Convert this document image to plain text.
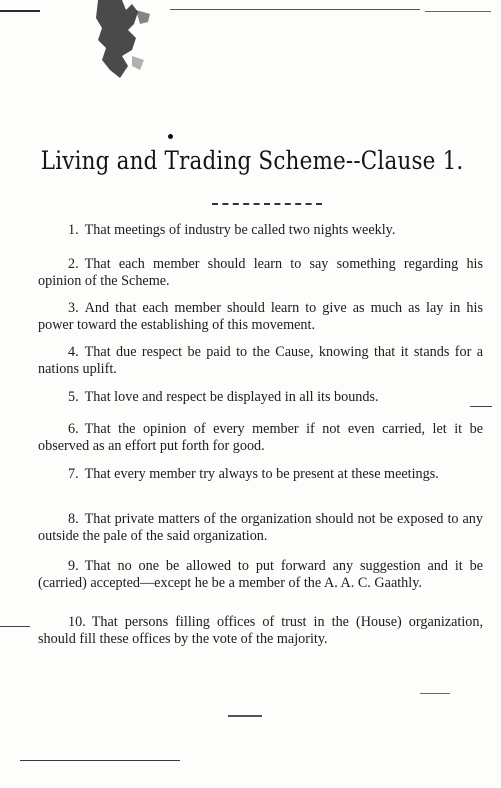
Living and Trading Scheme--Clause 1.
1. That meetings of industry be called two nights weekly.
2. That each member should learn to say something regarding his opinion of the Scheme.
3. And that each member should learn to give as much as lay in his power toward the establishing of this movement.
4. That due respect be paid to the Cause, knowing that it stands for a nations uplift.
5. That love and respect be displayed in all its bounds.
6. That the opinion of every member if not even carried, let it be observed as an effort put forth for good.
7. That every member try always to be present at these meetings.
8. That private matters of the organization should not be exposed to any outside the pale of the said organization.
9. That no one be allowed to put forward any suggestion and it be (carried) accepted—except he be a member of the A. A. C. Gaathly.
10. That persons filling offices of trust in the (House) organization, should fill these offices by the vote of the majority.
